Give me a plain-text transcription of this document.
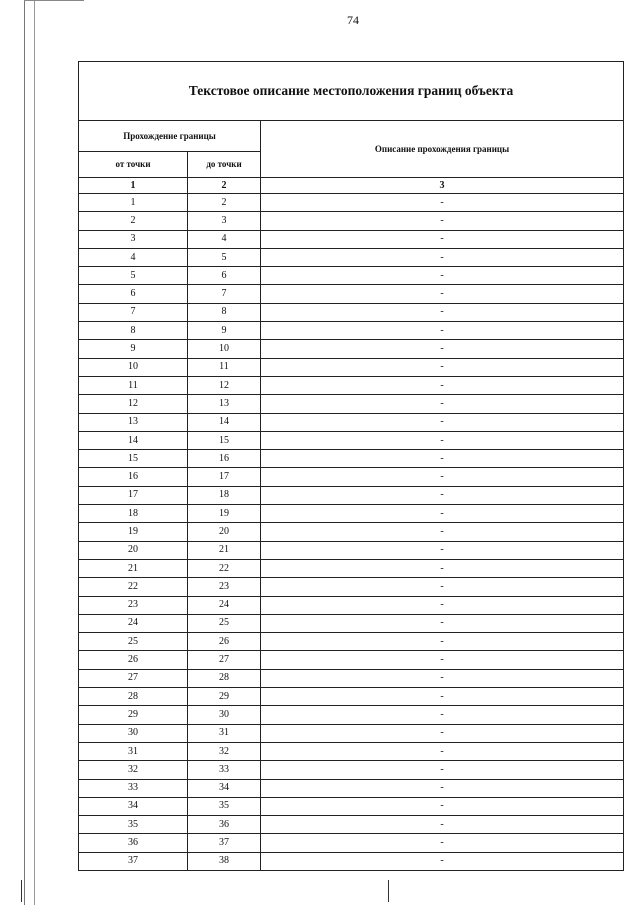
74
Текстовое описание местоположения границ объекта		
Прохождение границы		Описание прохождения границы
от точки	до точки	
1	2	3
1	2	-
2	3	-
3	4	-
4	5	-
5	6	-
6	7	-
7	8	-
8	9	-
9	10	-
10	11	-
11	12	-
12	13	-
13	14	-
14	15	-
15	16	-
16	17	-
17	18	-
18	19	-
19	20	-
20	21	-
21	22	-
22	23	-
23	24	-
24	25	-
25	26	-
26	27	-
27	28	-
28	29	-
29	30	-
30	31	-
31	32	-
32	33	-
33	34	-
34	35	-
35	36	-
36	37	-
37	38	-
